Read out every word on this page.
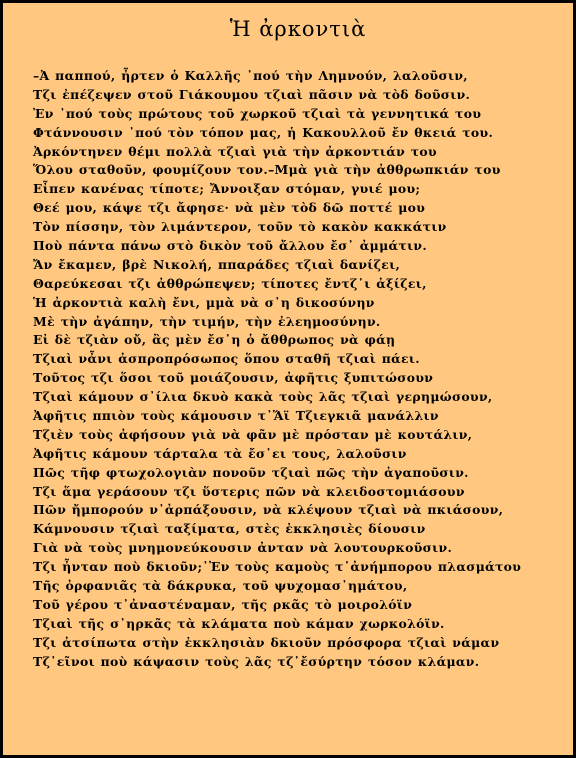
Ἡ ἀρκοντιὰ
–Ἀ παππού, ἦρτεν ὁ Καλλῆς ᾽πού τὴν Λημνούν, λαλοῦσιν,
Τζι ἐπέζεψεν στοῦ Γιάκουμου τζιαὶ πᾶσιν νὰ τὸδ δοῦσιν.
Ἐν ᾽πού τοὺς πρώτους τοῦ χωρκοῦ τζιαὶ τὰ γεννητικά του
Φτάννουσιν ᾽πού τὸν τόπον μας, ἡ Κακουλλοῦ ἔν θκειά του.
Ἀρκόντηνεν θέμι πολλὰ τζιαὶ γιὰ τὴν ἀρκοντιάν του
Ὅλου σταθοῦν, φουμίζουν τον.–Μμὰ γιὰ τὴν ἀθθρωπκιάν του
Εἶπεν κανένας τίποτε; Ἄννοιξαν στόμαν, γυιέ μου;
Θεέ μου, κάψε τζι ἄφησε· νὰ μὲν τὸδ δῶ ποττέ μου
Τὸν πίσσην, τὸν λιμάντερον, τοῦν τὸ κακὸν κακκάτιν
Ποὺ πάντα πάνω στὸ δικὸν τοῦ ἄλλου ἔσ᾽ ἀμμάτιν.
Ἄν ἔκαμεν, βρὲ Νικολή, ππαράδες τζιαὶ δανίζει,
Θαρεύκεσαι τζι ἀθθρώπεψεν; τίποτες ἔντζ᾽ι ἀξίζει,
Ἡ ἀρκοντιὰ καλὴ ἔνι, μμὰ νὰ σ᾽η δικοσύνην
Μὲ τὴν ἀγάπην, τὴν τιμήν, τὴν ἐλεημοσύνην.
Εἰ δὲ τζιὰν οὔ, ἂς μὲν ἔσ᾽η ὁ ἄθθρωπος νὰ φάῃ
Τζιαὶ νἆνι ἀσπροπρόσωπος ὅπου σταθῆ τζιαὶ πάει.
Τοῦτος τζι ὅσοι τοῦ μοιάζουσιν, ἀφῆτις ξυπιτώσουν
Τζιαὶ κάμουν σ᾽ίλια δκυὸ κακὰ τοὺς λᾶς τζιαὶ γερημώσουν,
Ἀφῆτις ππιὸν τοὺς κάμουσιν τ᾽Ἅϊ Τζιεγκιᾶ μανάλλιν
Τζιὲν τοὺς ἀφήσουν γιὰ νὰ φᾶν μὲ πρόσταν μὲ κουτάλιν,
Ἀφῆτις κάμουν τάρταλα τὰ ἔσ᾽ει τους, λαλοῦσιν
Πῶς τῆφ φτωχολογιὰν πονοῦν τζιαὶ πῶς τὴν ἀγαποῦσιν.
Τζι ἅμα γεράσουν τζι ὕστερις πῶν νὰ κλειδοστομιάσουν
Πῶν ἤμπορούν ν᾽ἀρπάξουσιν, νὰ κλέψουν τζιαὶ νὰ πκιάσουν,
Κάμνουσιν τζιαὶ ταξίματα, στὲς ἐκκλησιὲς δίουσιν
Γιὰ νὰ τοὺς μνημονεύκουσιν ἀνταν νὰ λουτουρκοῦσιν.
Τζι ἦνταν ποὺ δκιοῦν;᾽Ἐν τοὺς καμοὺς τ᾽ἀνήμπορου πλασμάτου
Τῆς ὀρφανιᾶς τὰ δάκρυκα, τοῦ ψυχομασ᾽ημάτου,
Τοῦ γέρου τ᾽ἀναστέναμαν, τῆς ρκᾶς τὸ μοιρολόϊν
Τζιαὶ τῆς σ᾽ηρκᾶς τὰ κλάματα ποὺ κάμαν χωρκολόϊν.
Τζι ἀτσίπωτα στὴν ἐκκλησιὰν δκιοῦν πρόσφορα τζιαὶ νάμαν
Τζ᾽εῖνοι ποὺ κάψασιν τοὺς λᾶς τζ᾽ἔσύρτην τόσον κλάμαν.
